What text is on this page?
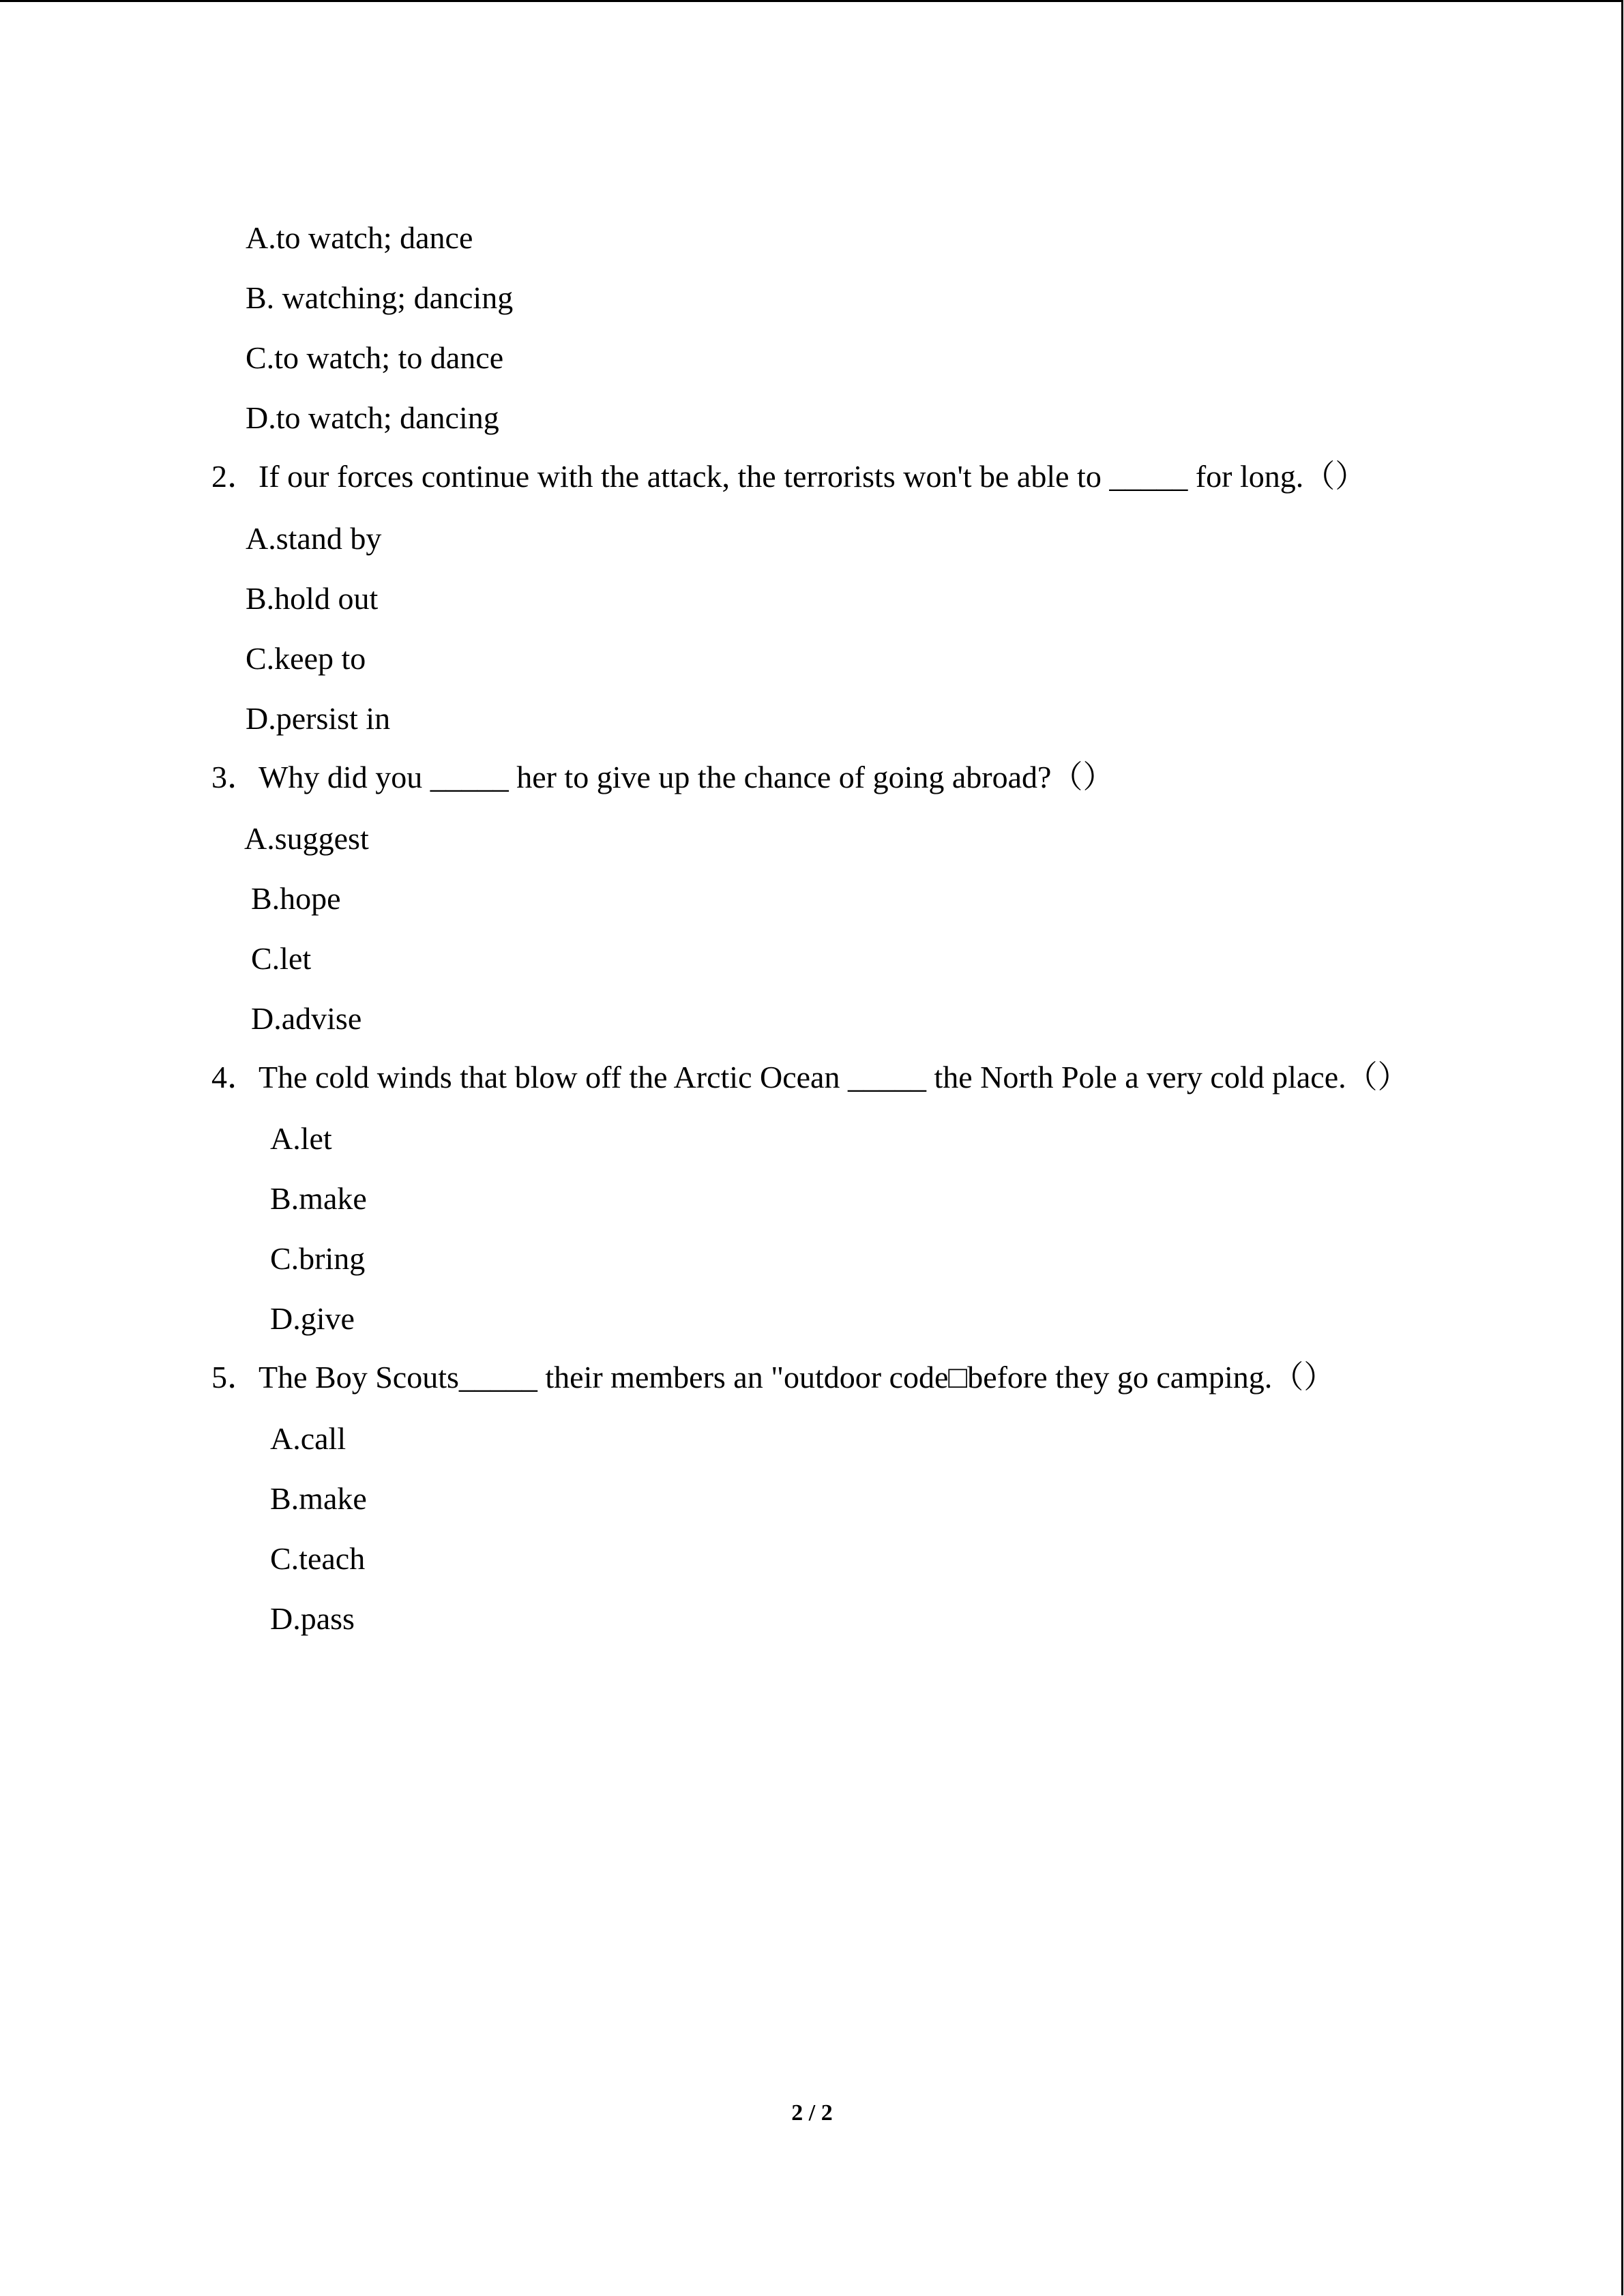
A.to watch; dance
B. watching; dancing
C.to watch; to dance
D.to watch; dancing
2．If our forces continue with the attack, the terrorists won't be able to _____ for long.（）
A.stand by
B.hold out
C.keep to
D.persist in
3．Why did you _____ her to give up the chance of going abroad?（）
A.suggest
B.hope
C.let
D.advise
4．The cold winds that blow off the Arctic Ocean _____ the North Pole a very cold place.（）
A.let
B.make
C.bring
D.give
5．The Boy Scouts_____ their members an "outdoor code□before they go camping.（）
A.call
B.make
C.teach
D.pass
2 / 2
